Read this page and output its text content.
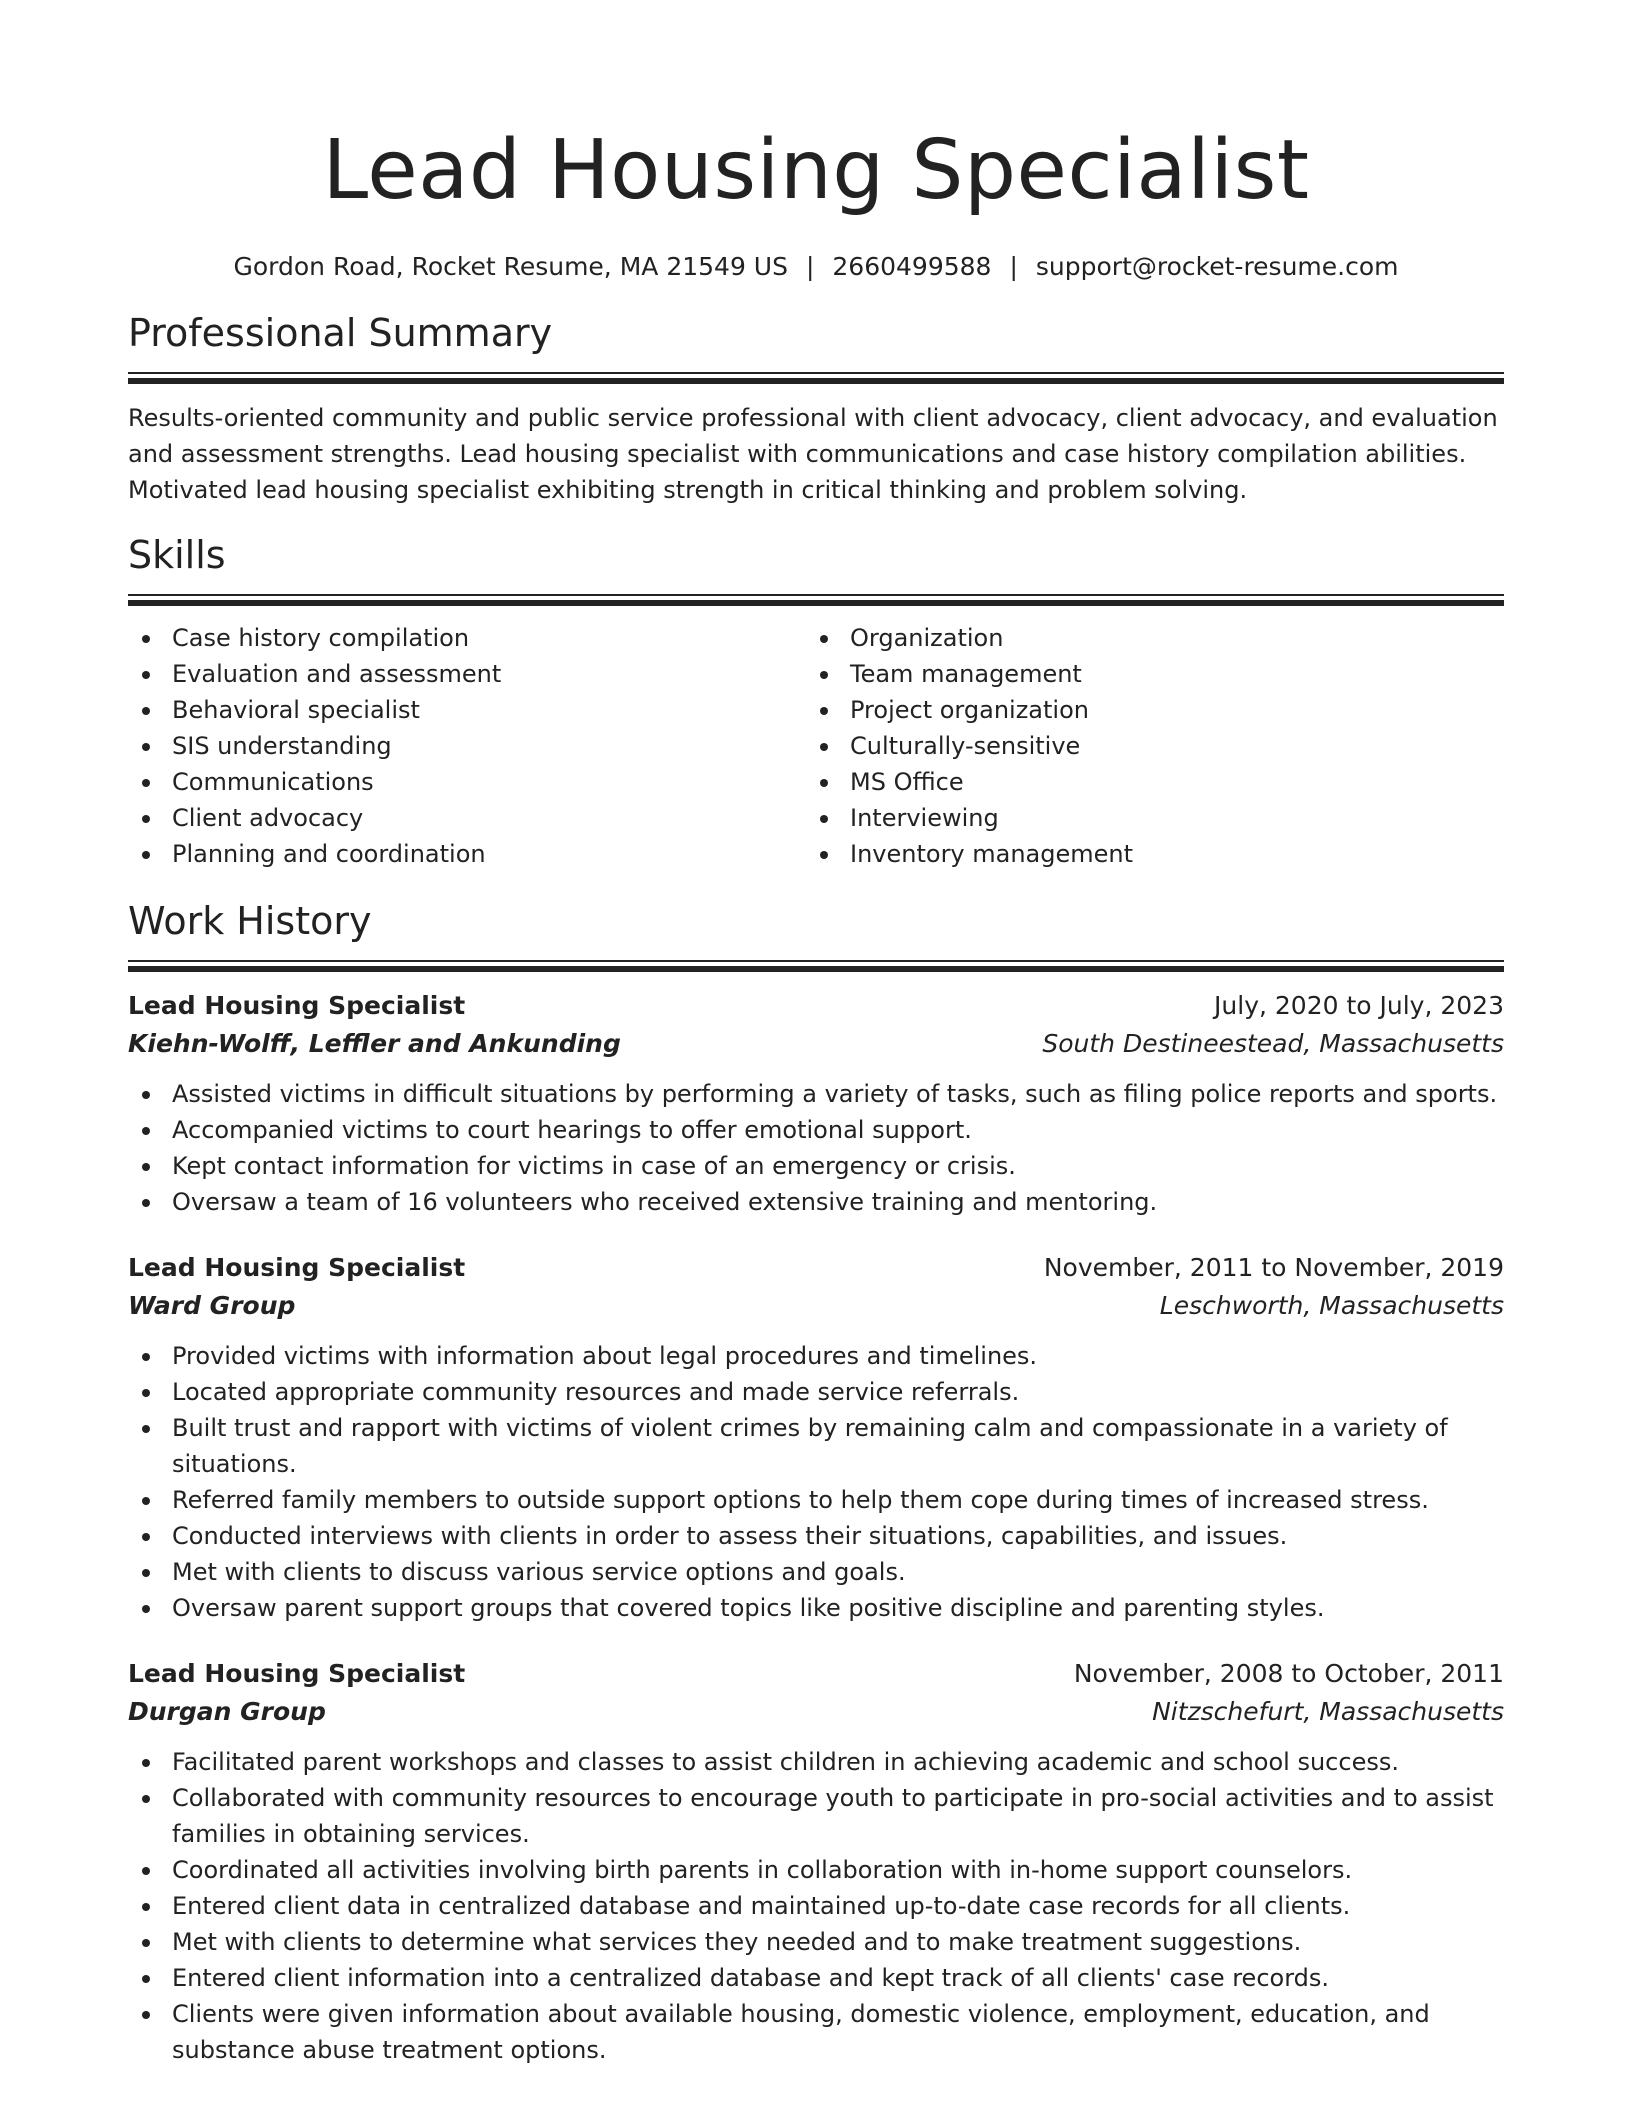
Lead Housing Specialist
Gordon Road, Rocket Resume, MA 21549 US | 2660499588 | support@rocket-resume.com
Professional Summary

Results-oriented community and public service professional with client advocacy, client advocacy, and evaluation and assessment strengths. Lead housing specialist with communications and case history compilation abilities. Motivated lead housing specialist exhibiting strength in critical thinking and problem solving.

Skills
Case history compilation
Evaluation and assessment
Behavioral specialist
SIS understanding
Communications
Client advocacy
Planning and coordination
Organization
Team management
Project organization
Culturally-sensitive
MS Office
Interviewing
Inventory management
Work History
Lead Housing Specialist	July, 2020 to July, 2023
Kiehn-Wolff, Leffler and Ankunding	South Destineestead, Massachusetts
Assisted victims in difficult situations by performing a variety of tasks, such as filing police reports and sports.
Accompanied victims to court hearings to offer emotional support.
Kept contact information for victims in case of an emergency or crisis.
Oversaw a team of 16 volunteers who received extensive training and mentoring.
Lead Housing Specialist	November, 2011 to November, 2019
Ward Group	Leschworth, Massachusetts
Provided victims with information about legal procedures and timelines.
Located appropriate community resources and made service referrals.
Built trust and rapport with victims of violent crimes by remaining calm and compassionate in a variety of situations.
Referred family members to outside support options to help them cope during times of increased stress.
Conducted interviews with clients in order to assess their situations, capabilities, and issues.
Met with clients to discuss various service options and goals.
Oversaw parent support groups that covered topics like positive discipline and parenting styles.
Lead Housing Specialist	November, 2008 to October, 2011
Durgan Group	Nitzschefurt, Massachusetts
Facilitated parent workshops and classes to assist children in achieving academic and school success.
Collaborated with community resources to encourage youth to participate in pro-social activities and to assist families in obtaining services.
Coordinated all activities involving birth parents in collaboration with in-home support counselors.
Entered client data in centralized database and maintained up-to-date case records for all clients.
Met with clients to determine what services they needed and to make treatment suggestions.
Entered client information into a centralized database and kept track of all clients' case records.
Clients were given information about available housing, domestic violence, employment, education, and substance abuse treatment options.
